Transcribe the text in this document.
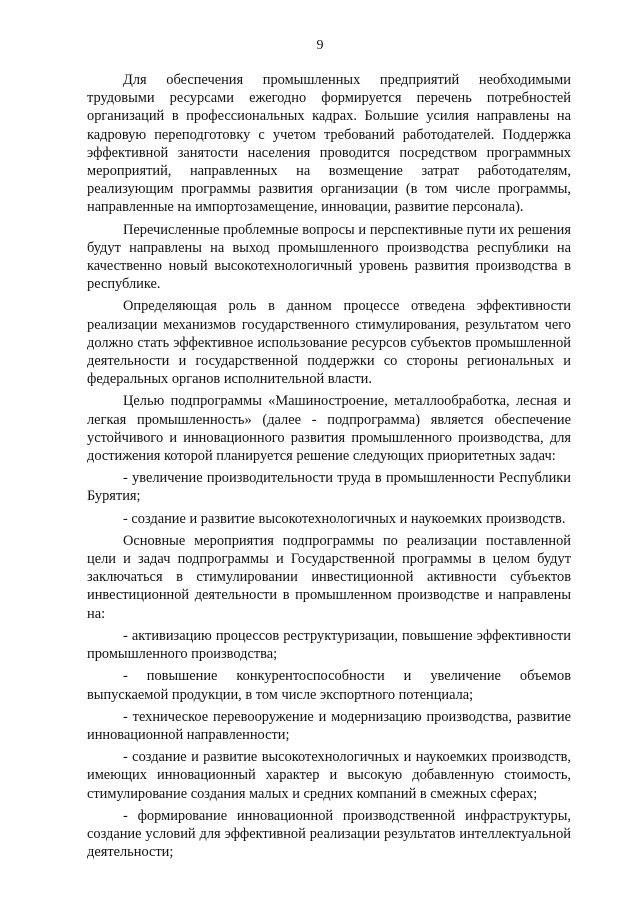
9

Для обеспечения промышленных предприятий необходимыми трудовыми ресурсами ежегодно формируется перечень потребностей организаций в профессиональных кадрах. Большие усилия направлены на кадровую переподготовку с учетом требований работодателей. Поддержка эффективной занятости населения проводится посредством программных мероприятий, направленных на возмещение затрат работодателям, реализующим программы развития организации (в том числе программы, направленные на импортозамещение, инновации, развитие персонала).

Перечисленные проблемные вопросы и перспективные пути их решения будут направлены на выход промышленного производства республики на качественно новый высокотехнологичный уровень развития производства в республике.

Определяющая роль в данном процессе отведена эффективности реализации механизмов государственного стимулирования, результатом чего должно стать эффективное использование ресурсов субъектов промышленной деятельности и государственной поддержки со стороны региональных и федеральных органов исполнительной власти.

Целью подпрограммы «Машиностроение, металлообработка, лесная и легкая промышленность» (далее - подпрограмма) является обеспечение устойчивого и инновационного развития промышленного производства, для достижения которой планируется решение следующих приоритетных задач:

- увеличение производительности труда в промышленности Республики Бурятия;

- создание и развитие высокотехнологичных и наукоемких производств.

Основные мероприятия подпрограммы по реализации поставленной цели и задач подпрограммы и Государственной программы в целом будут заключаться в стимулировании инвестиционной активности субъектов инвестиционной деятельности в промышленном производстве и направлены на:

- активизацию процессов реструктуризации, повышение эффективности промышленного производства;

- повышение конкурентоспособности и увеличение объемов выпускаемой продукции, в том числе экспортного потенциала;

- техническое перевооружение и модернизацию производства, развитие инновационной направленности;

- создание и развитие высокотехнологичных и наукоемких производств, имеющих инновационный характер и высокую добавленную стоимость, стимулирование создания малых и средних компаний в смежных сферах;

- формирование инновационной производственной инфраструктуры, создание условий для эффективной реализации результатов интеллектуальной деятельности;
